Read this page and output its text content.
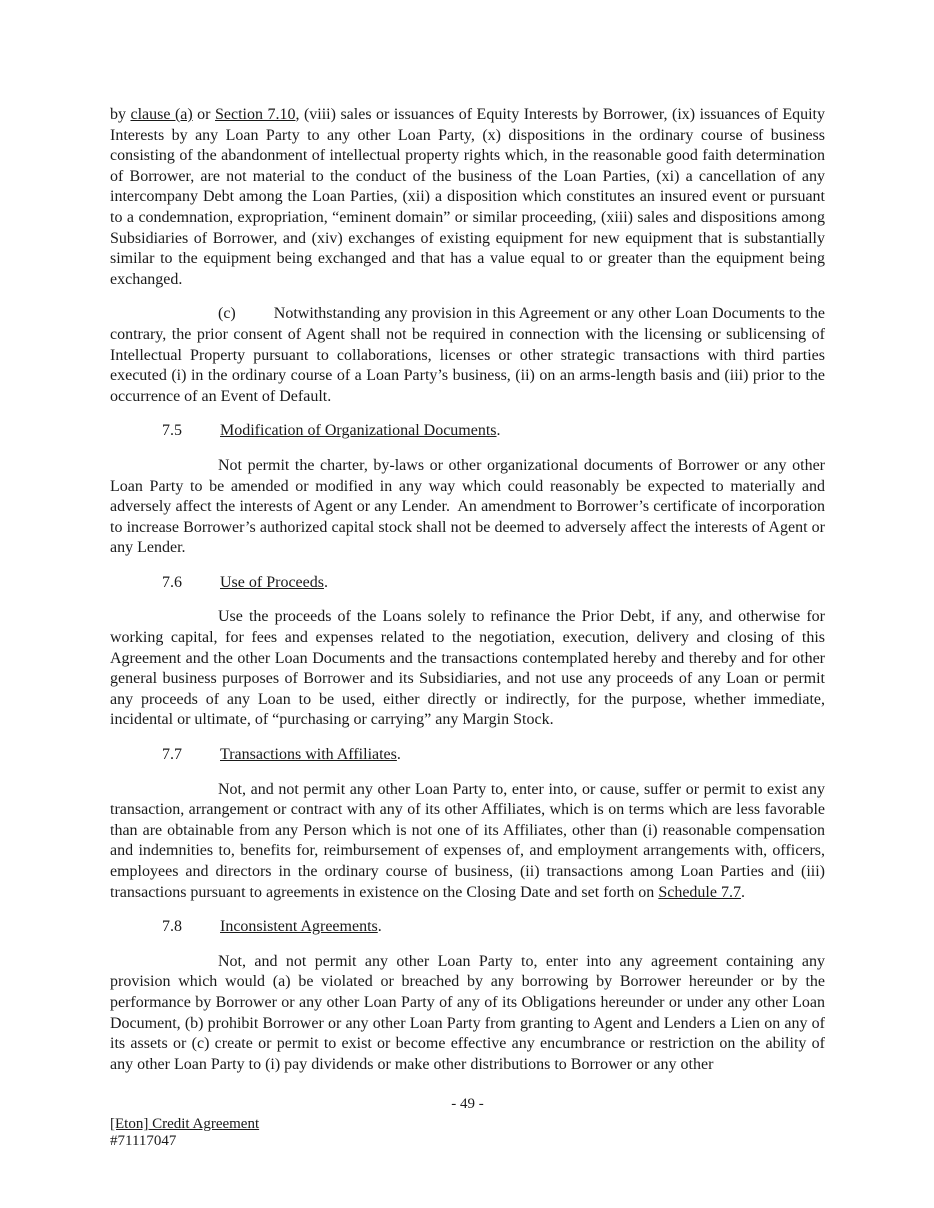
by clause (a) or Section 7.10, (viii) sales or issuances of Equity Interests by Borrower, (ix) issuances of Equity Interests by any Loan Party to any other Loan Party, (x) dispositions in the ordinary course of business consisting of the abandonment of intellectual property rights which, in the reasonable good faith determination of Borrower, are not material to the conduct of the business of the Loan Parties, (xi) a cancellation of any intercompany Debt among the Loan Parties, (xii) a disposition which constitutes an insured event or pursuant to a condemnation, expropriation, “eminent domain” or similar proceeding, (xiii) sales and dispositions among Subsidiaries of Borrower, and (xiv) exchanges of existing equipment for new equipment that is substantially similar to the equipment being exchanged and that has a value equal to or greater than the equipment being exchanged.

(c) Notwithstanding any provision in this Agreement or any other Loan Documents to the contrary, the prior consent of Agent shall not be required in connection with the licensing or sublicensing of Intellectual Property pursuant to collaborations, licenses or other strategic transactions with third parties executed (i) in the ordinary course of a Loan Party’s business, (ii) on an arms-length basis and (iii) prior to the occurrence of an Event of Default.

7.5 Modification of Organizational Documents.

Not permit the charter, by-laws or other organizational documents of Borrower or any other Loan Party to be amended or modified in any way which could reasonably be expected to materially and adversely affect the interests of Agent or any Lender.  An amendment to Borrower’s certificate of incorporation to increase Borrower’s authorized capital stock shall not be deemed to adversely affect the interests of Agent or any Lender.

7.6 Use of Proceeds.

Use the proceeds of the Loans solely to refinance the Prior Debt, if any, and otherwise for working capital, for fees and expenses related to the negotiation, execution, delivery and closing of this Agreement and the other Loan Documents and the transactions contemplated hereby and thereby and for other general business purposes of Borrower and its Subsidiaries, and not use any proceeds of any Loan or permit any proceeds of any Loan to be used, either directly or indirectly, for the purpose, whether immediate, incidental or ultimate, of “purchasing or carrying” any Margin Stock.

7.7 Transactions with Affiliates.

Not, and not permit any other Loan Party to, enter into, or cause, suffer or permit to exist any transaction, arrangement or contract with any of its other Affiliates, which is on terms which are less favorable than are obtainable from any Person which is not one of its Affiliates, other than (i) reasonable compensation and indemnities to, benefits for, reimbursement of expenses of, and employment arrangements with, officers, employees and directors in the ordinary course of business, (ii) transactions among Loan Parties and (iii) transactions pursuant to agreements in existence on the Closing Date and set forth on Schedule 7.7.

7.8 Inconsistent Agreements.

Not, and not permit any other Loan Party to, enter into any agreement containing any provision which would (a) be violated or breached by any borrowing by Borrower hereunder or by the performance by Borrower or any other Loan Party of any of its Obligations hereunder or under any other Loan Document, (b) prohibit Borrower or any other Loan Party from granting to Agent and Lenders a Lien on any of its assets or (c) create or permit to exist or become effective any encumbrance or restriction on the ability of any other Loan Party to (i) pay dividends or make other distributions to Borrower or any other

- 49 -
[Eton] Credit Agreement
#71117047
